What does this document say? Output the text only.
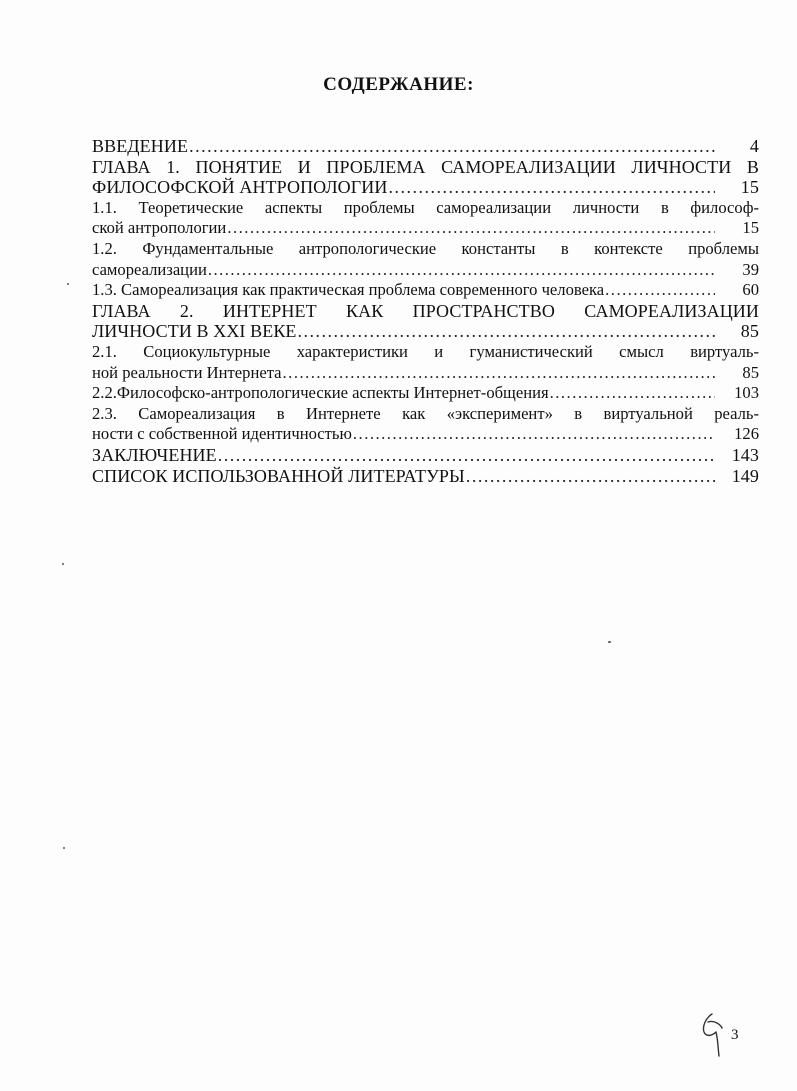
СОДЕРЖАНИЕ:
ВВЕДЕНИЕ .....	4
ГЛАВА 1. ПОНЯТИЕ И ПРОБЛЕМА САМОРЕАЛИЗАЦИИ ЛИЧНОСТИ В
ФИЛОСОФСКОЙ АНТРОПОЛОГИИ .....	15
1.1. Теоретические аспекты проблемы самореализации личности в философ-
ской антропологии .....	15
1.2. Фундаментальные антропологические константы в контексте проблемы
самореализации .....	39
1.3. Самореализация как практическая проблема современного человека .....	60
ГЛАВА 2. ИНТЕРНЕТ КАК ПРОСТРАНСТВО САМОРЕАЛИЗАЦИИ
ЛИЧНОСТИ В XXI ВЕКЕ .....	85
2.1. Социокультурные характеристики и гуманистический смысл виртуаль-
ной реальности Интернета .....	85
2.2.Философско-антропологические аспекты Интернет-общения .....	103
2.3. Самореализация в Интернете как «эксперимент» в виртуальной реаль-
ности с собственной идентичностью .....	126
ЗАКЛЮЧЕНИЕ .....	143
СПИСОК ИСПОЛЬЗОВАННОЙ ЛИТЕРАТУРЫ .....	149
3
